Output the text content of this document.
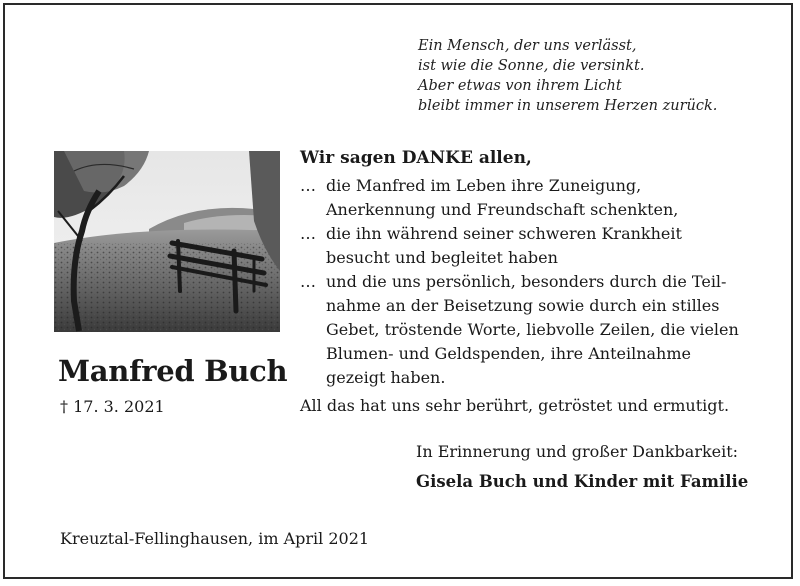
Ein Mensch, der uns verlässt,
ist wie die Sonne, die versinkt.
Aber etwas von ihrem Licht
bleibt immer in unserem Herzen zurück.
Manfred Buch
† 17. 3. 2021
Wir sagen DANKE allen,
… die Manfred im Leben ihre Zuneigung,
Anerkennung und Freundschaft schenkten,
… die ihn während seiner schweren Krankheit
besucht und begleitet haben
… und die uns persönlich, besonders durch die Teil-
nahme an der Beisetzung sowie durch ein stilles
Gebet, tröstende Worte, liebvolle Zeilen, die vielen
Blumen- und Geldspenden, ihre Anteilnahme
gezeigt haben.
All das hat uns sehr berührt, getröstet und ermutigt.
In Erinnerung und großer Dankbarkeit:
Gisela Buch und Kinder mit Familie
Kreuztal-Fellinghausen, im April 2021
